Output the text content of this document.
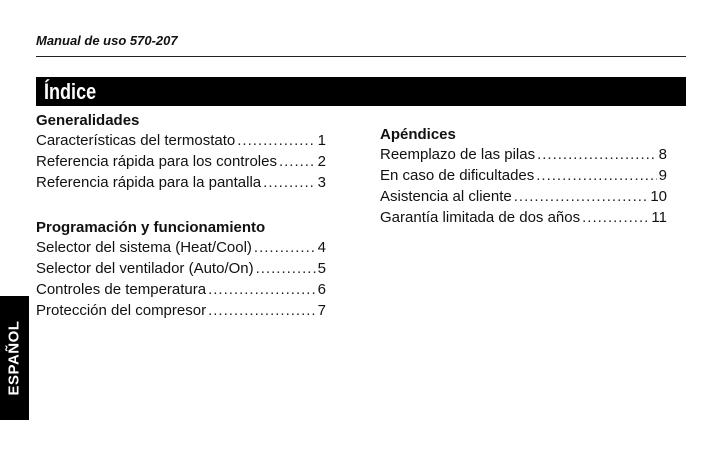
Manual de uso 570-207
Índice
Generalidades
Características del termostato .....	1
Referencia rápida para los controles .....	2
Referencia rápida para la pantalla .....	3
Programación y funcionamiento
Selector del sistema (Heat/Cool) .....	4
Selector del ventilador (Auto/On) .....	5
Controles de temperatura .....	6
Protección del compresor .....	7
Apéndices
Reemplazo de las pilas .....	8
En caso de dificultades .....	9
Asistencia al cliente .....	10
Garantía limitada de dos años .....	11
ESPAÑOL
